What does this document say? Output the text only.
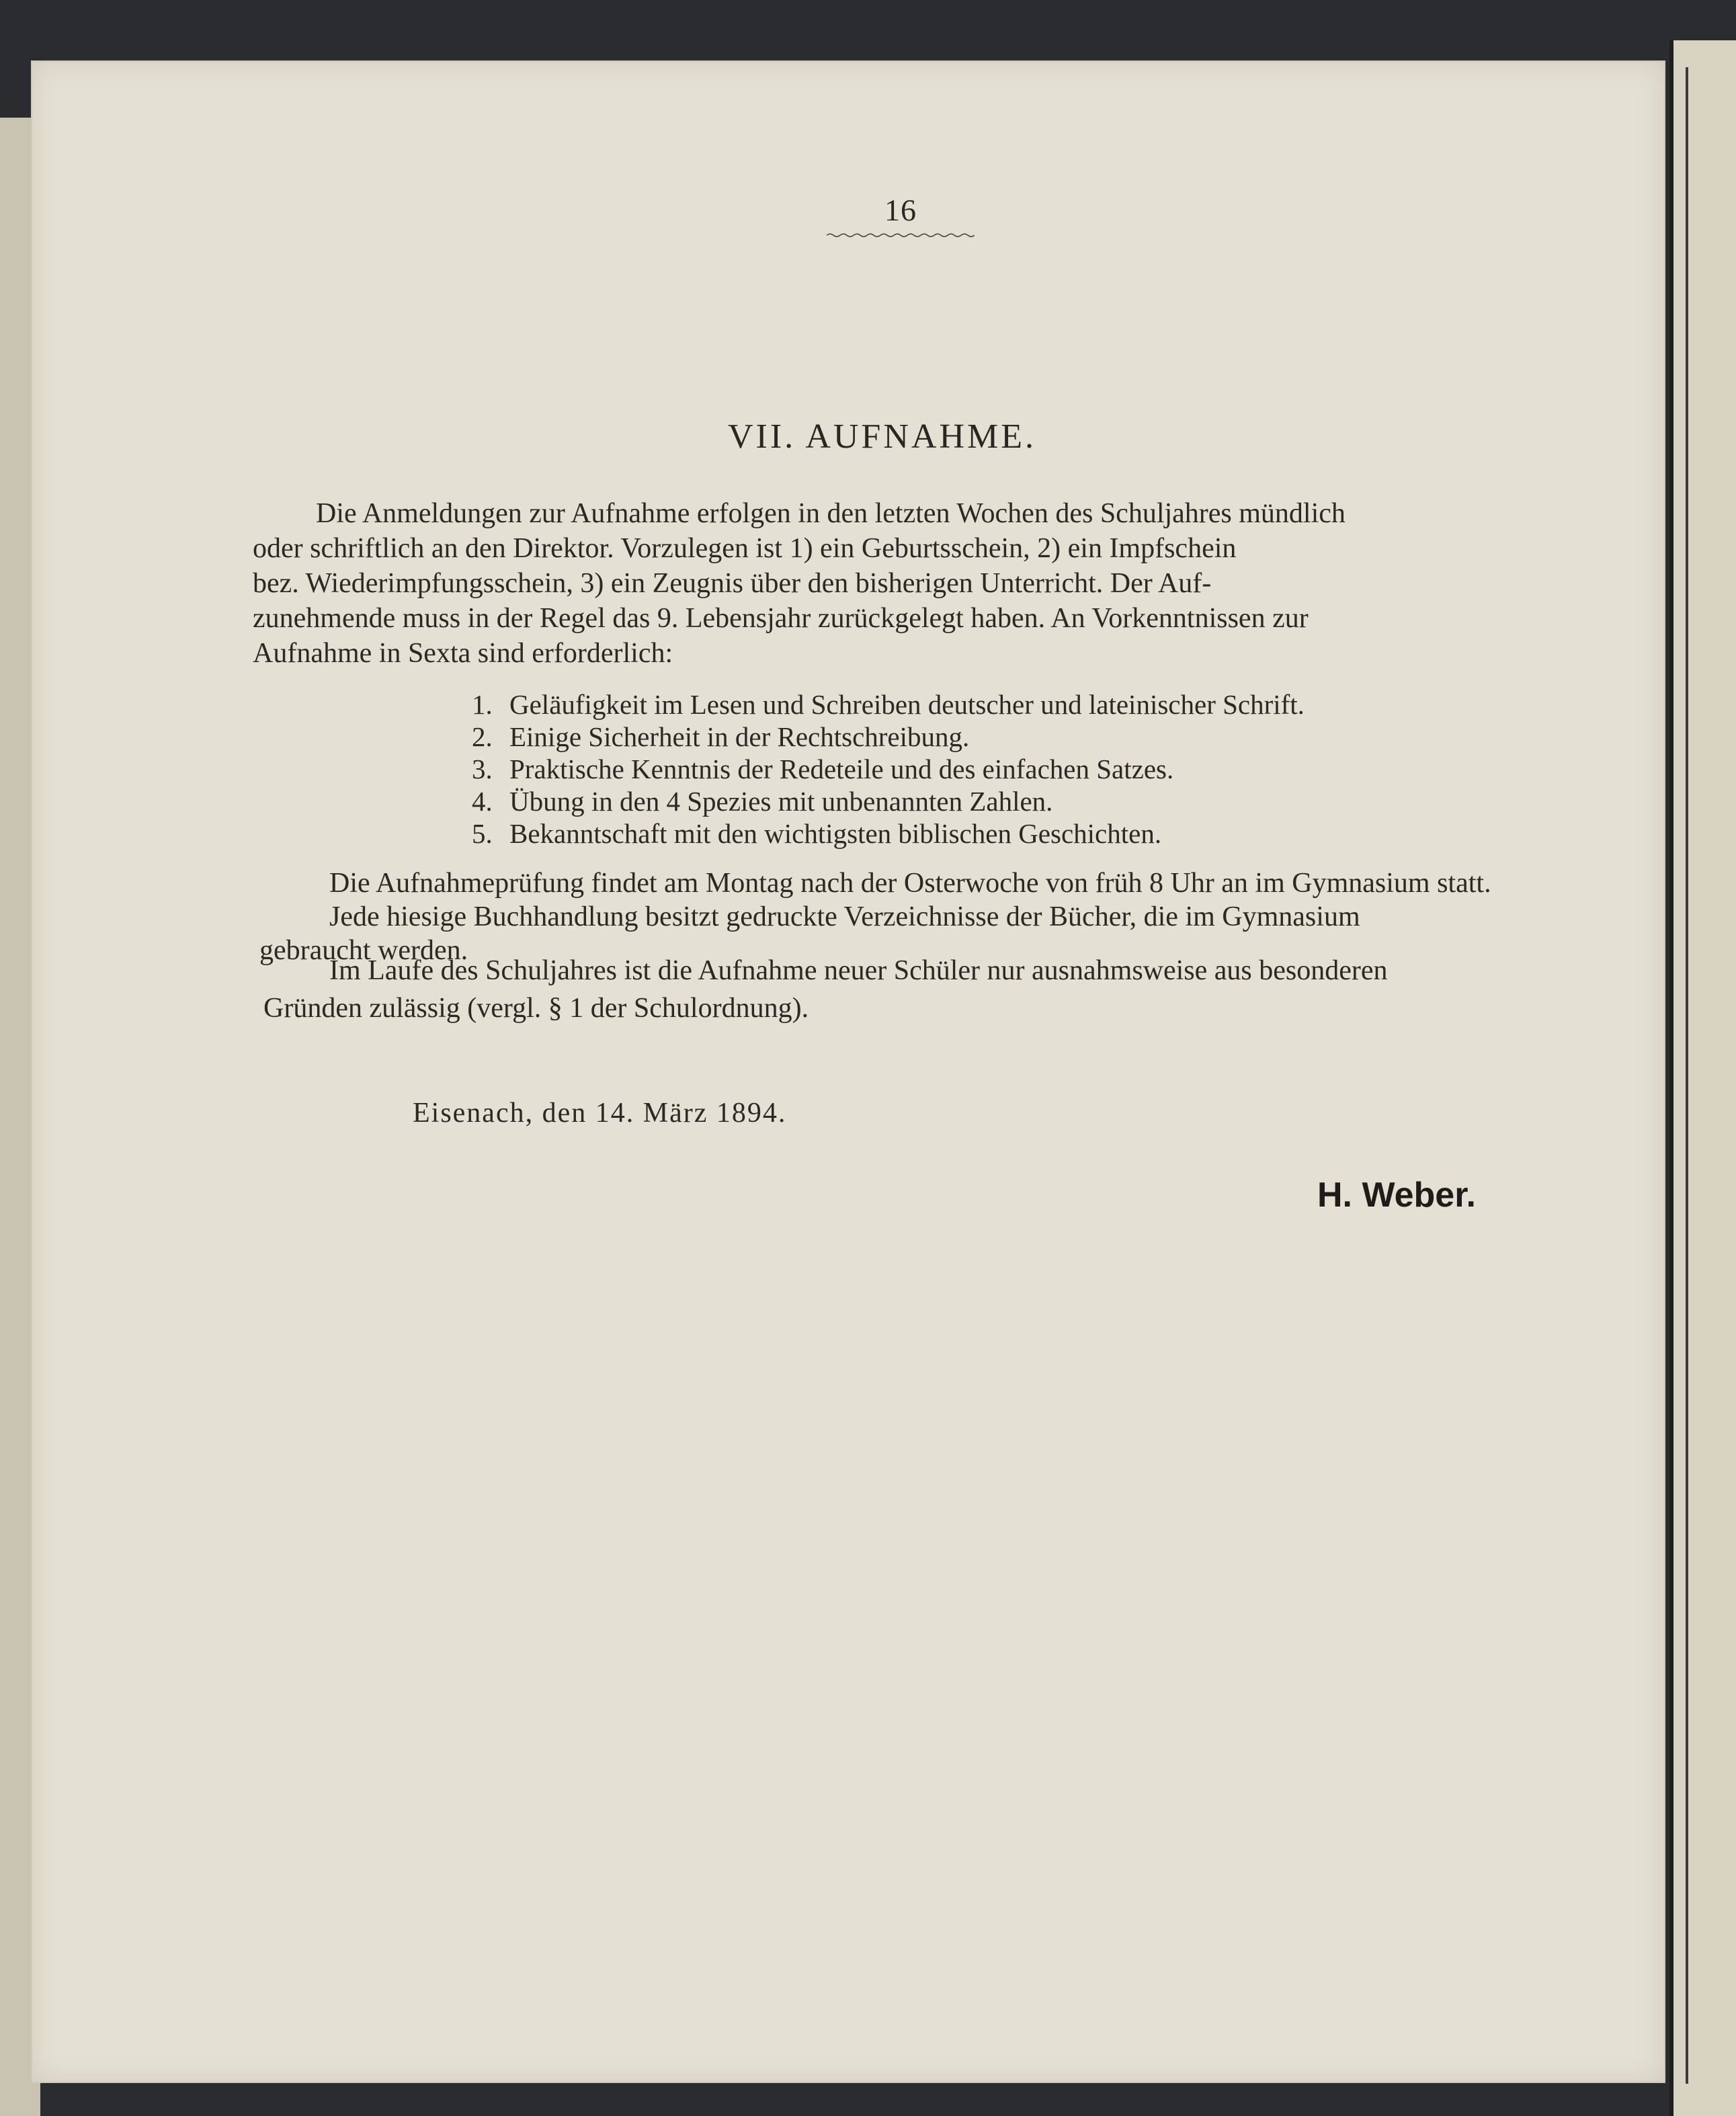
16
VII. AUFNAHME.
Die Anmeldungen zur Aufnahme erfolgen in den letzten Wochen des Schuljahres mündlich
oder schriftlich an den Direktor. Vorzulegen ist 1) ein Geburtsschein, 2) ein Impfschein
bez. Wiederimpfungsschein, 3) ein Zeugnis über den bisherigen Unterricht. Der Auf-
zunehmende muss in der Regel das 9. Lebensjahr zurückgelegt haben. An Vorkenntnissen zur
Aufnahme in Sexta sind erforderlich:
1. Geläufigkeit im Lesen und Schreiben deutscher und lateinischer Schrift.
2. Einige Sicherheit in der Rechtschreibung.
3. Praktische Kenntnis der Redeteile und des einfachen Satzes.
4. Übung in den 4 Spezies mit unbenannten Zahlen.
5. Bekanntschaft mit den wichtigsten biblischen Geschichten.
Die Aufnahmeprüfung findet am Montag nach der Osterwoche von früh 8 Uhr an im Gymnasium statt.
Jede hiesige Buchhandlung besitzt gedruckte Verzeichnisse der Bücher, die im Gymnasium
gebraucht werden.
Im Laufe des Schuljahres ist die Aufnahme neuer Schüler nur ausnahmsweise aus besonderen
Gründen zulässig (vergl. § 1 der Schulordnung).
Eisenach, den 14. März 1894.
H. Weber.
